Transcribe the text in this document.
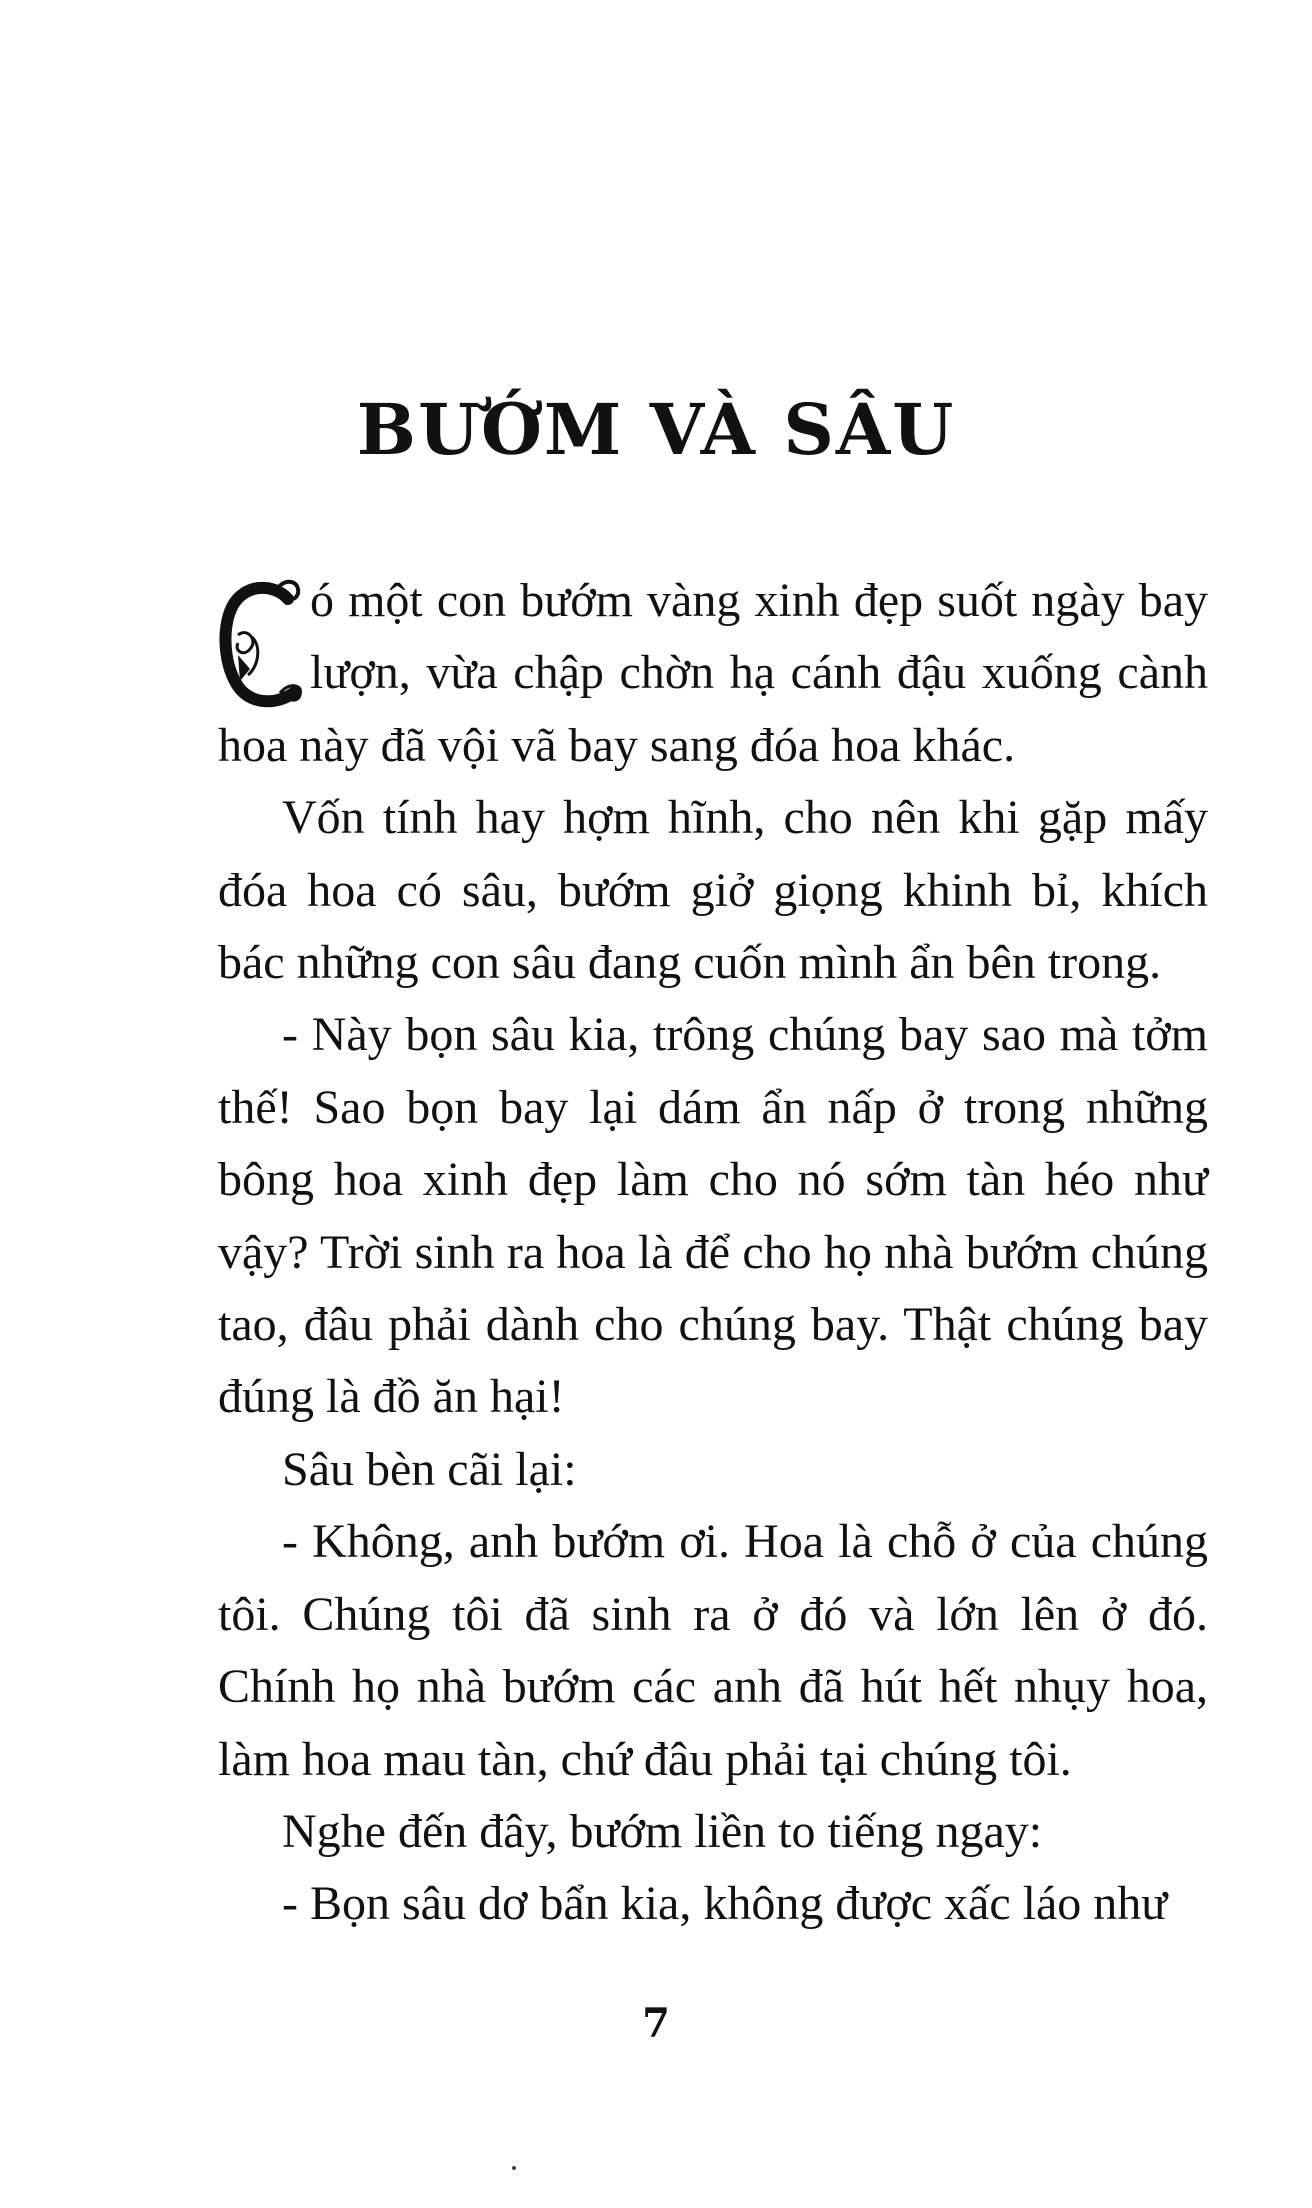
BƯỚM VÀ SÂU

ó một con bướm vàng xinh đẹp suốt ngày bay lượn, vừa chập chờn hạ cánh đậu xuống cành hoa này đã vội vã bay sang đóa hoa khác.

Vốn tính hay hợm hĩnh, cho nên khi gặp mấy đóa hoa có sâu, bướm giở giọng khinh bỉ, khích bác những con sâu đang cuốn mình ẩn bên trong.

- Này bọn sâu kia, trông chúng bay sao mà tởm thế! Sao bọn bay lại dám ẩn nấp ở trong những bông hoa xinh đẹp làm cho nó sớm tàn héo như vậy? Trời sinh ra hoa là để cho họ nhà bướm chúng tao, đâu phải dành cho chúng bay. Thật chúng bay đúng là đồ ăn hại!

Sâu bèn cãi lại:

- Không, anh bướm ơi. Hoa là chỗ ở của chúng tôi. Chúng tôi đã sinh ra ở đó và lớn lên ở đó. Chính họ nhà bướm các anh đã hút hết nhụy hoa, làm hoa mau tàn, chứ đâu phải tại chúng tôi.

Nghe đến đây, bướm liền to tiếng ngay:

- Bọn sâu dơ bẩn kia, không được xấc láo như

7
